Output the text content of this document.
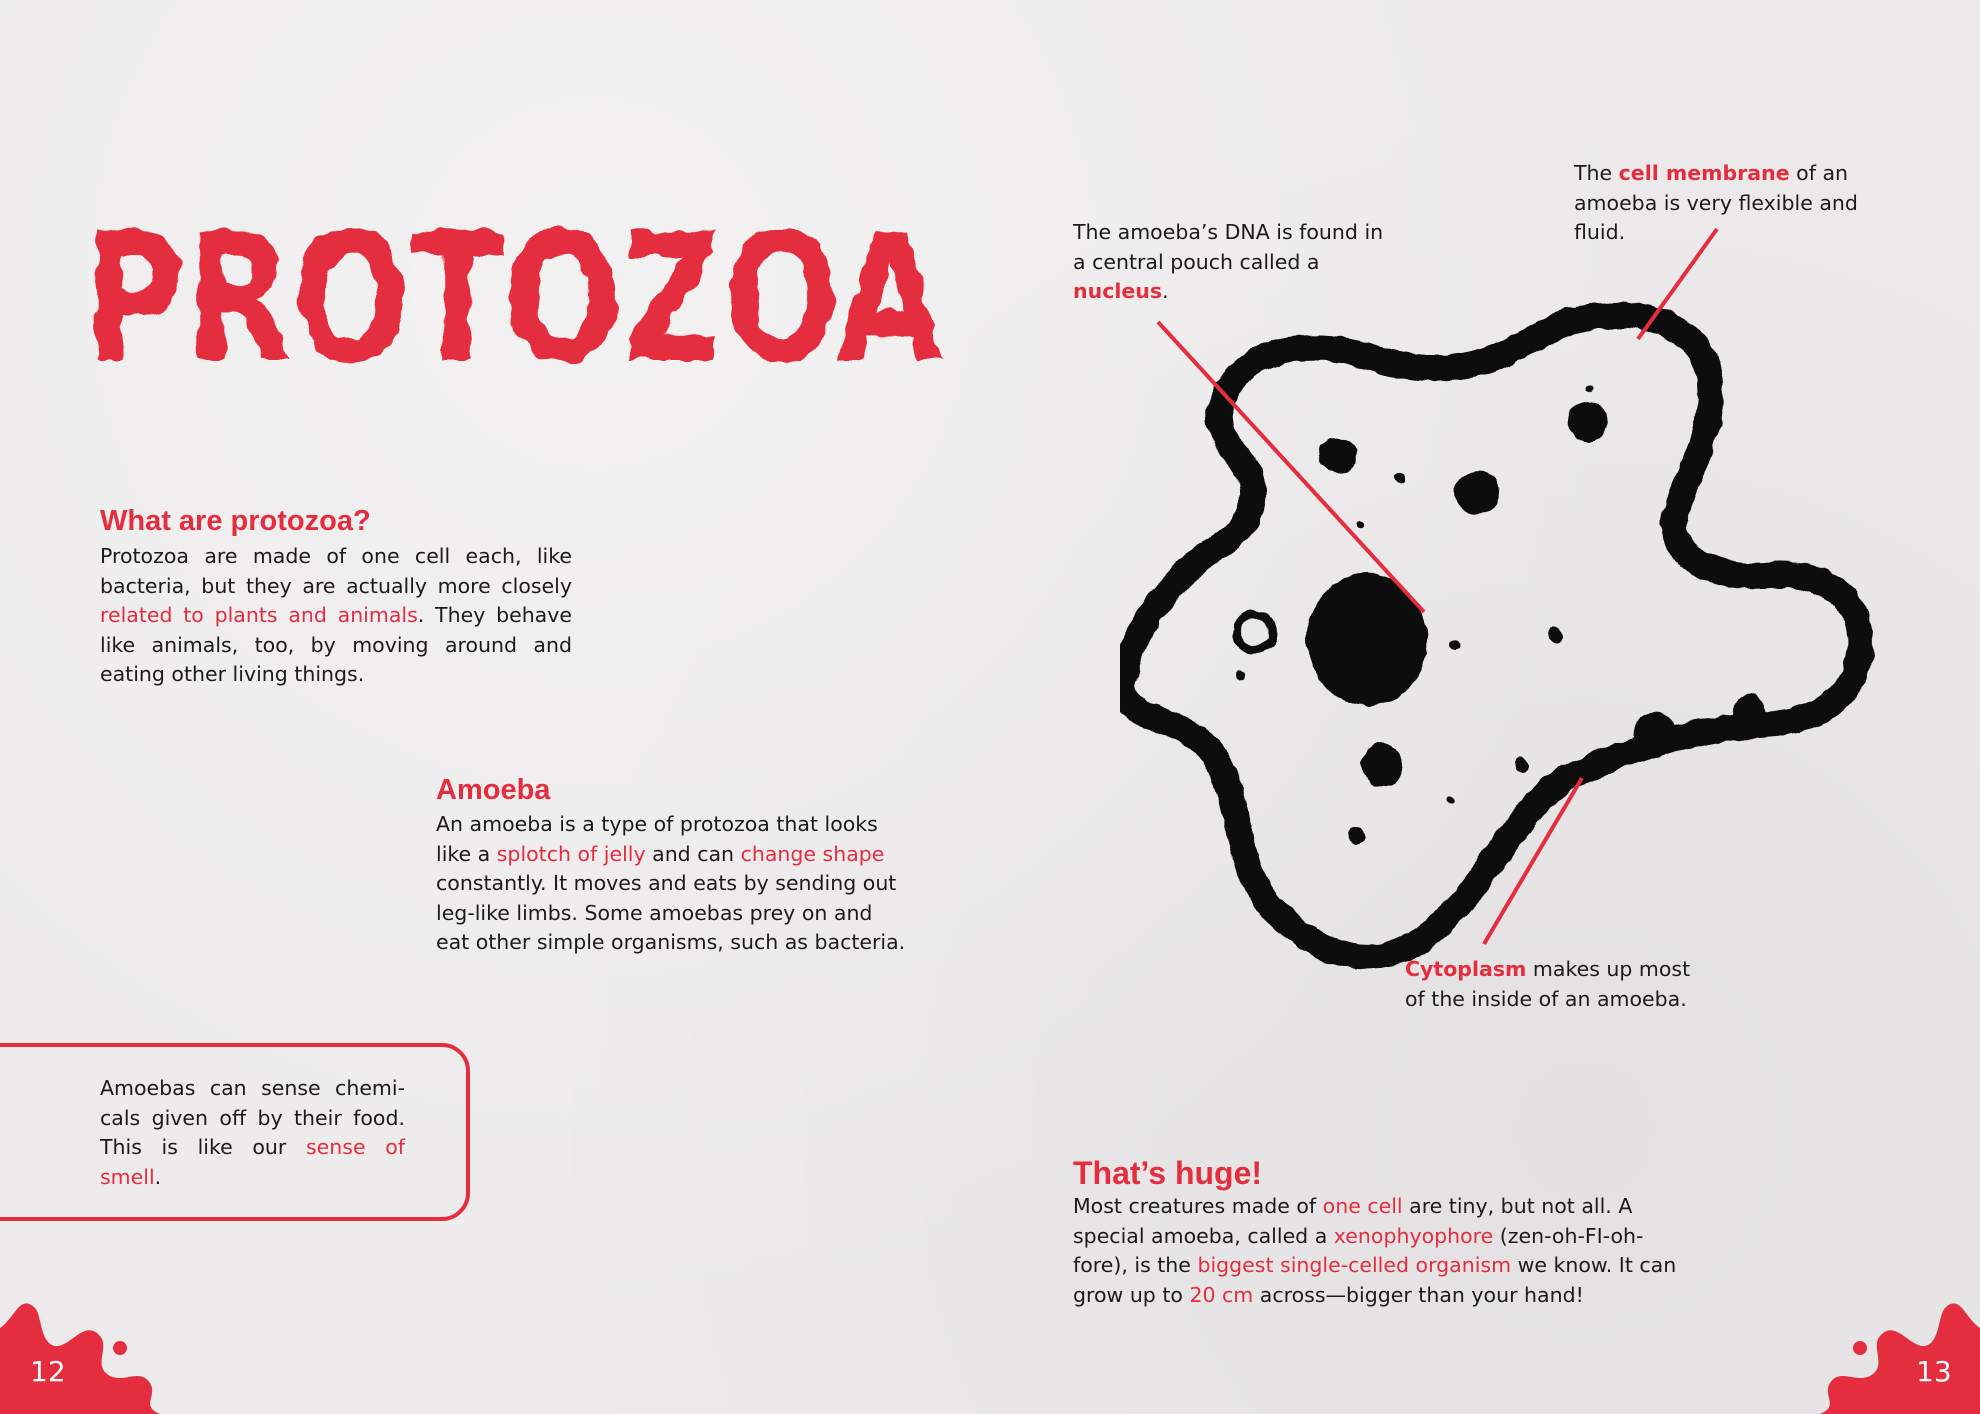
PROTOZOA
What are protozoa?

Protozoa are made of one cell each, like bacteria, but they are actually more closely related to plants and animals. They behave like animals, too, by moving around and eating other living things.

Amoeba

An amoeba is a type of protozoa that looks like a splotch of jelly and can change shape constantly. It moves and eats by sending out leg-like limbs. Some amoebas prey on and eat other simple organisms, such as bacteria.

Amoebas can sense chemi-cals given off by their food. This is like our sense of smell.

The amoeba’s DNA is found in a central pouch called a nucleus.

The cell membrane of an amoeba is very flexible and fluid.

Cytoplasm makes up most of the inside of an amoeba.

That’s huge!

Most creatures made of one cell are tiny, but not all. A special amoeba, called a xenophyophore (zen-oh-FI-oh-fore), is the biggest single-celled organism we know. It can grow up to 20 cm across—bigger than your hand!

12	13
